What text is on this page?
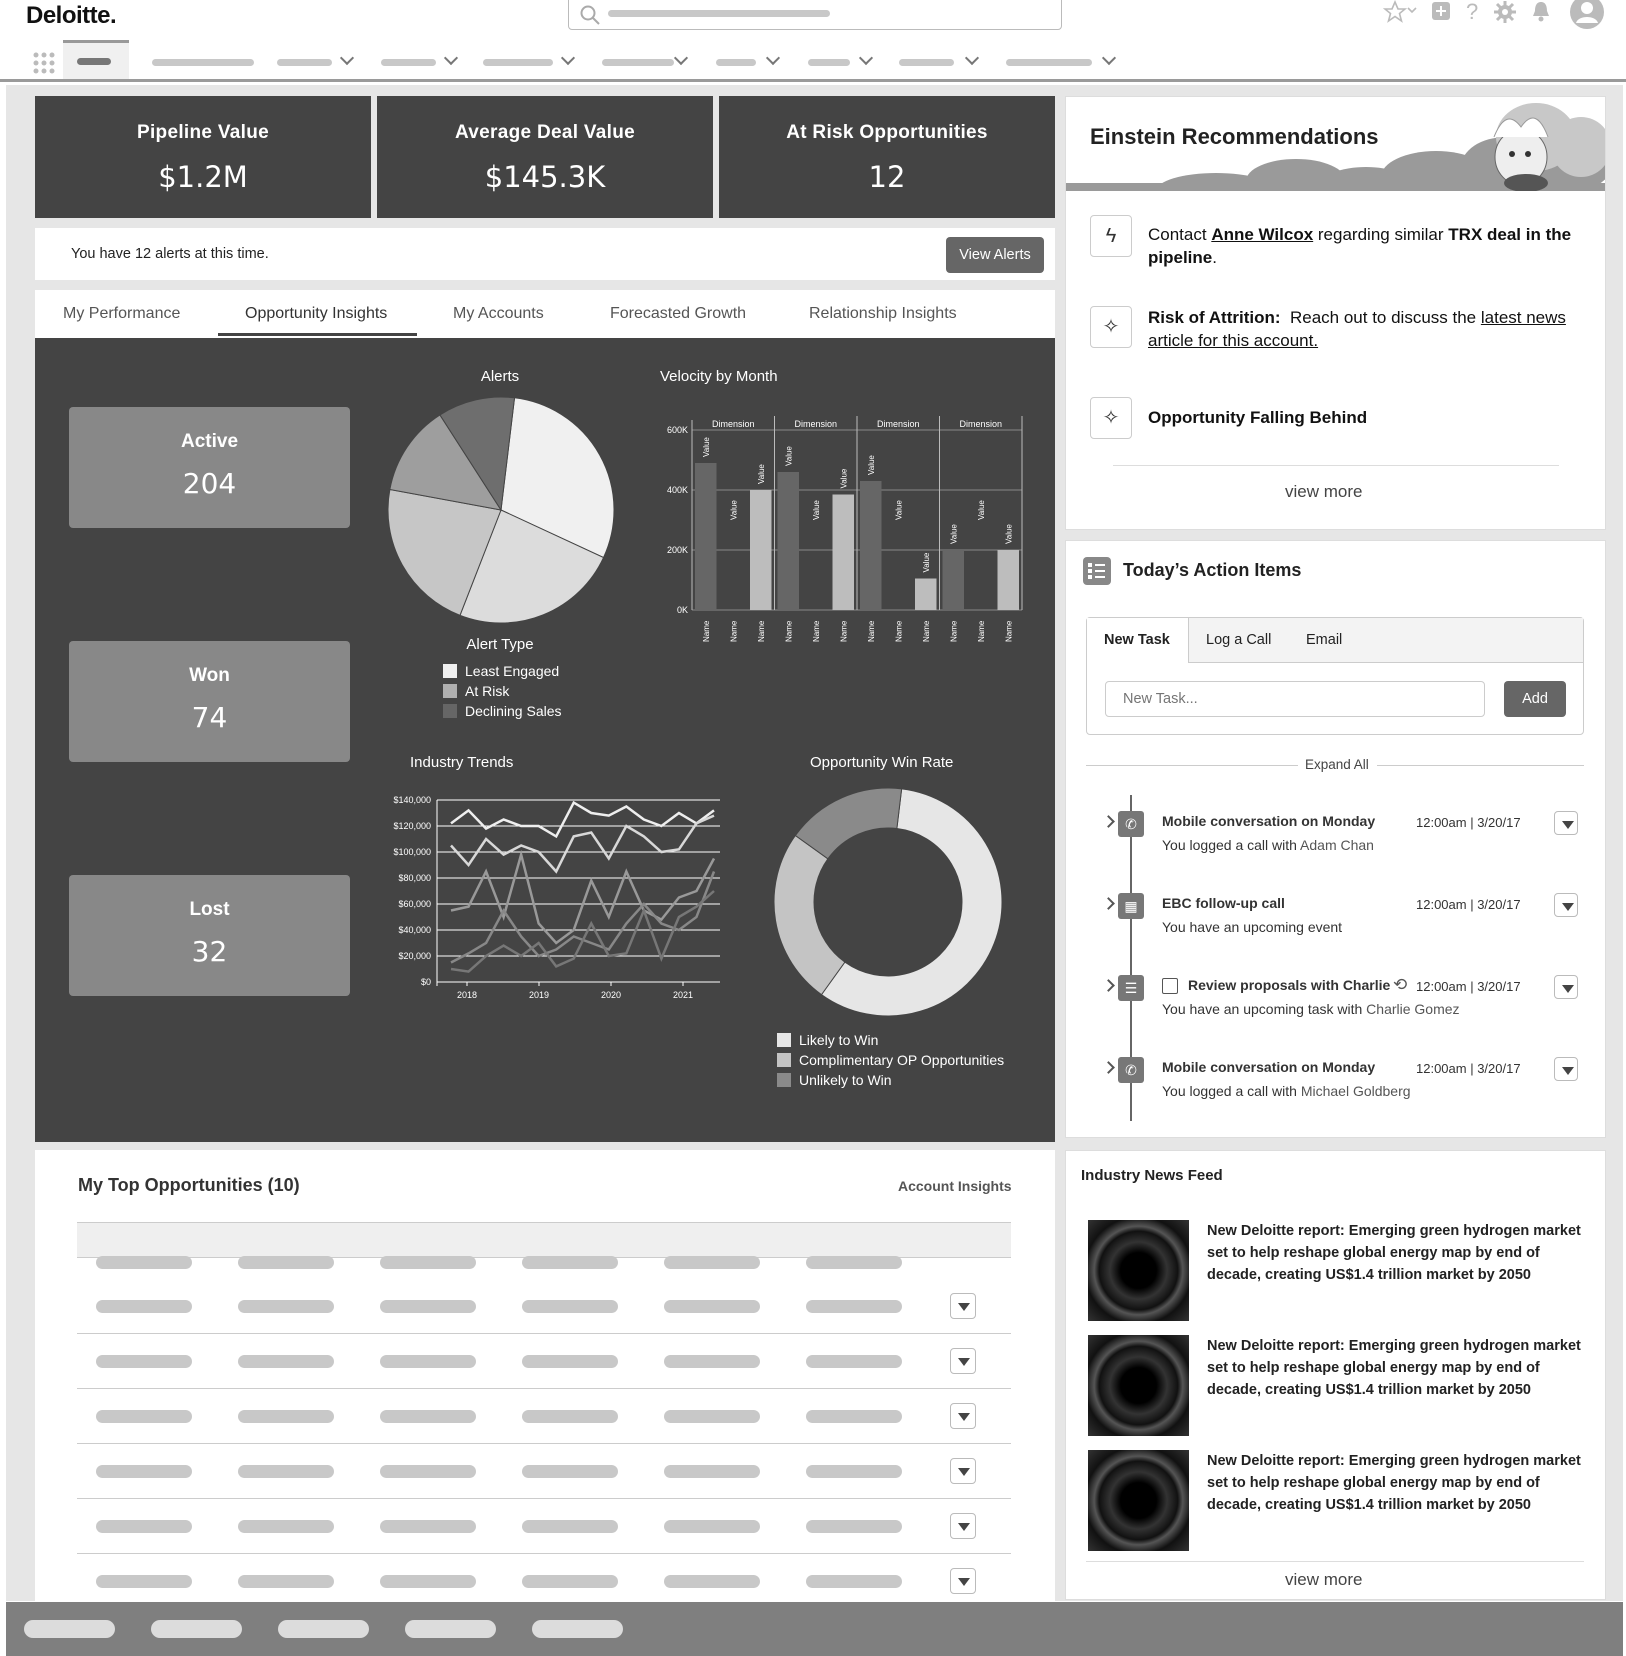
Deloitte.	?
Pipeline Value
$1.2M
Average Deal Value
$145.3K
At Risk Opportunities
12
You have 12 alerts at this time.	View Alerts
My Performance	Opportunity Insights	My Accounts	Forecasted Growth	Relationship Insights
Active
204
Won
74
Lost
32
Alerts
Alert Type
Least Engaged
At Risk
Declining Sales
Velocity by Month
600K
400K
200K
0K
Dimension	Dimension	Dimension	Dimension
Value
Name
Value
Name
Value
Name
Value
Name
Value
Name
Value
Name
Value
Name
Value
Name
Value
Name
Value
Name
Value
Name
Value
Name
Industry Trends
$140,000
$120,000
$100,000
$80,000
$60,000
$40,000
$20,000
$0
2018	2019	2020	2021
Opportunity Win Rate
Likely to Win
Complimentary OP Opportunities
Unlikely to Win
My Top Opportunities (10)	Account Insights
Einstein Recommendations
ϟ	Contact Anne Wilcox regarding similar TRX deal in the pipeline.
✧	Risk of Attrition:  Reach out to discuss the latest news article for this account.
✧	Opportunity Falling Behind
view more
Today’s Action Items
New Task Log a Call Email
New Task...
Add
Expand All
✆	Mobile conversation on Monday	12:00am | 3/20/17
You logged a call with Adam Chan
▦	EBC follow-up call	12:00am | 3/20/17
You have an upcoming event
☰	Review proposals with Charlie ⟲ 12:00am | 3/20/17
You have an upcoming task with Charlie Gomez
✆	Mobile conversation on Monday	12:00am | 3/20/17
You logged a call with Michael Goldberg
Industry News Feed
New Deloitte report: Emerging green hydrogen market set to help reshape global energy map by end of decade, creating US$1.4 trillion market by 2050
New Deloitte report: Emerging green hydrogen market set to help reshape global energy map by end of decade, creating US$1.4 trillion market by 2050
New Deloitte report: Emerging green hydrogen market set to help reshape global energy map by end of decade, creating US$1.4 trillion market by 2050
view more
